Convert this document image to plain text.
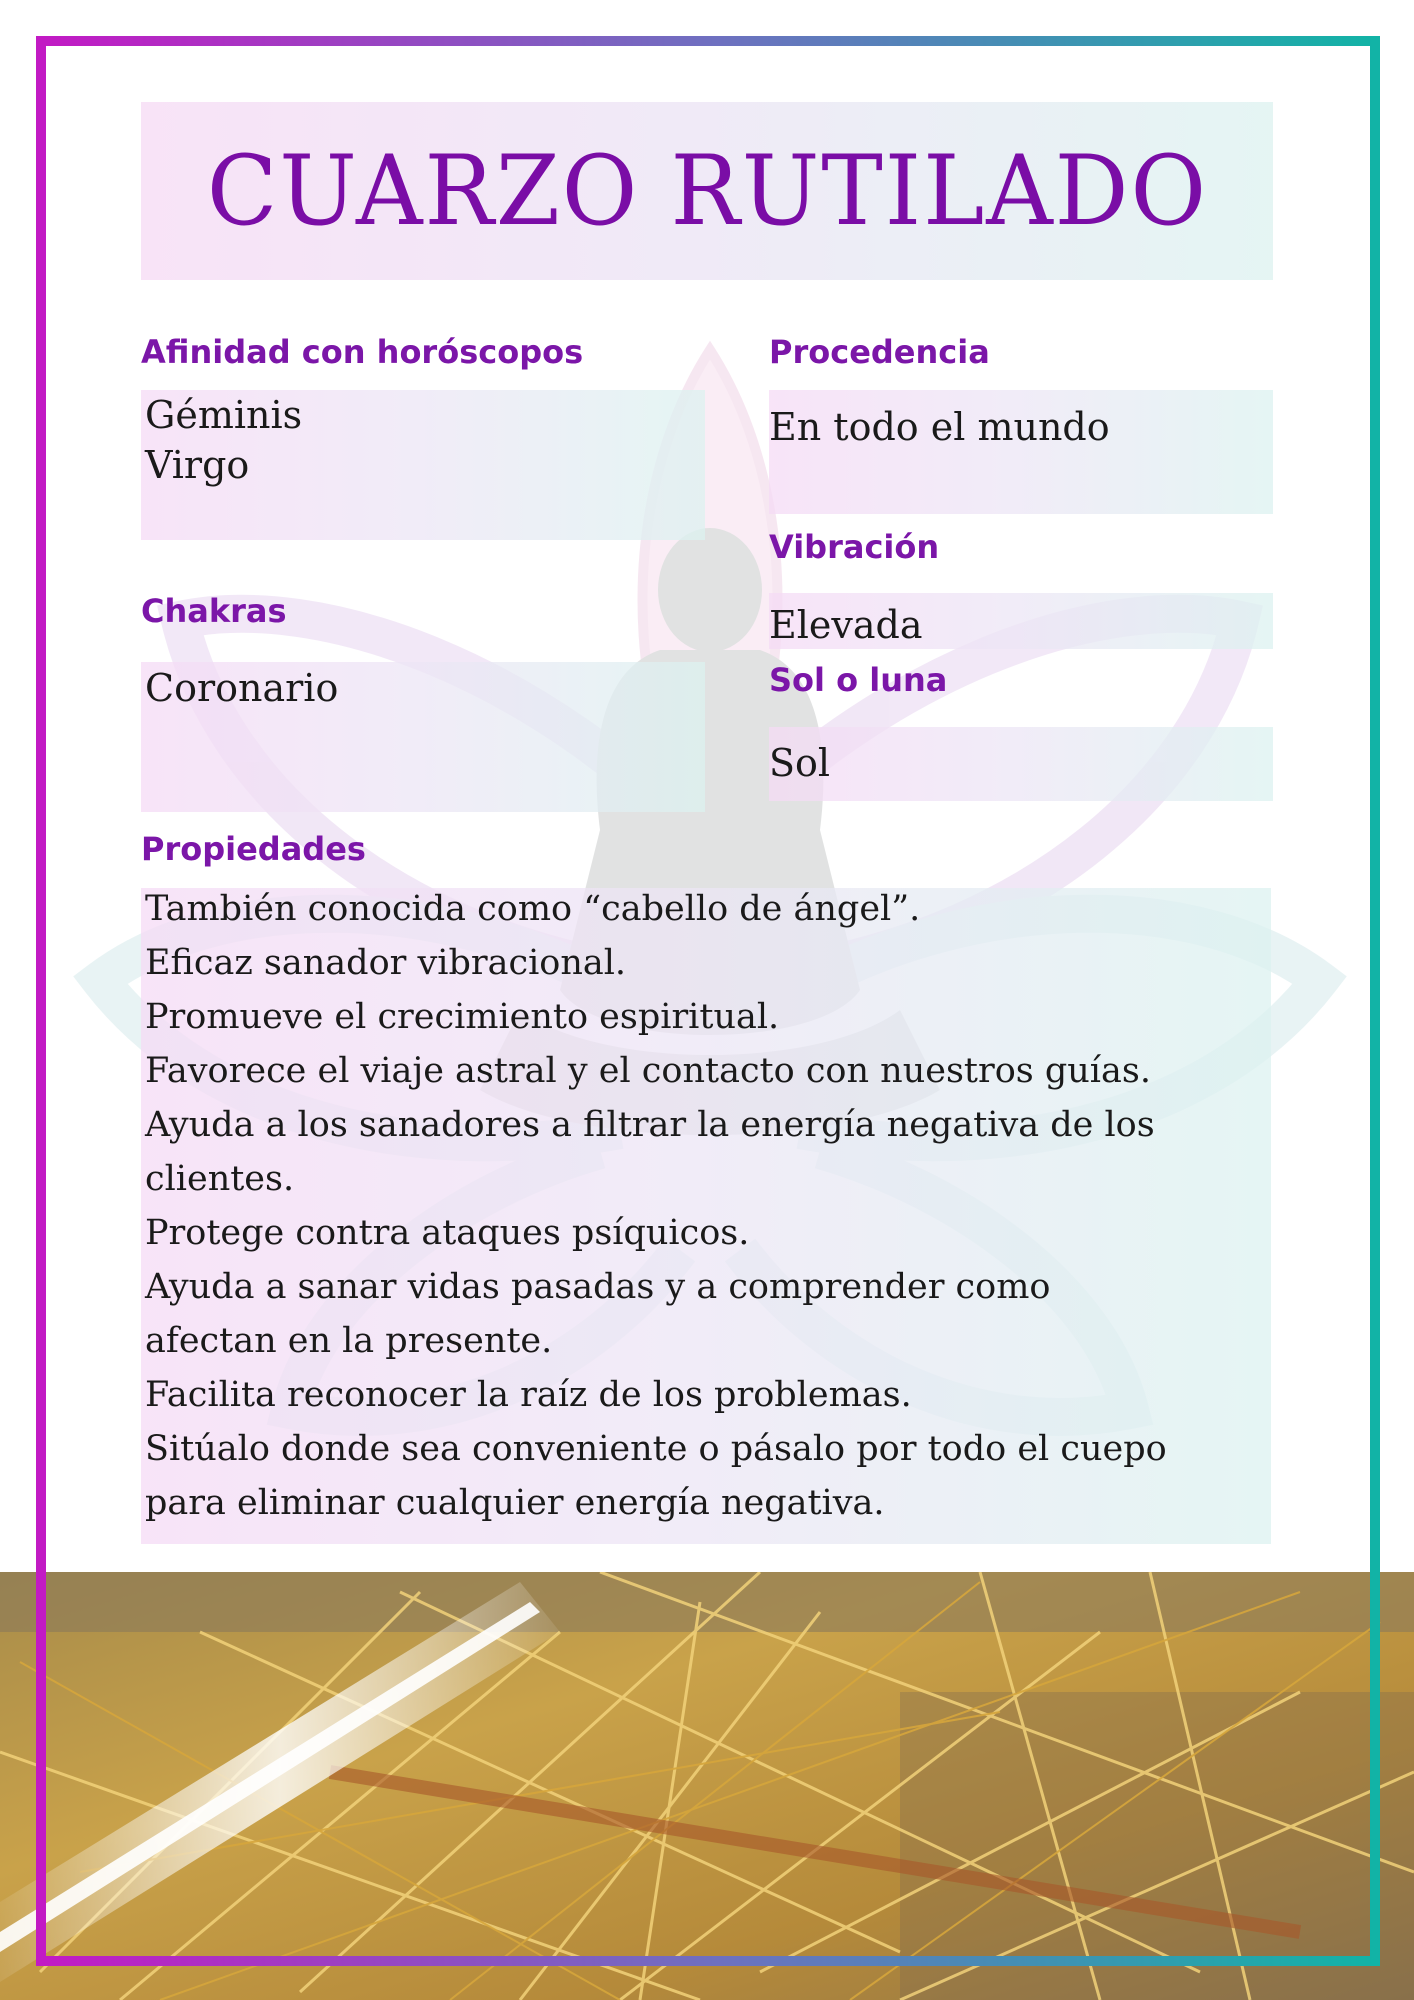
CUARZO RUTILADO
Afinidad con horóscopos
Géminis
Virgo
Procedencia
En todo el mundo
Vibración
Elevada
Chakras
Coronario	Sol o luna
Sol
Propiedades
También conocida como “cabello de ángel”.
Eficaz sanador vibracional.
Promueve el crecimiento espiritual.
Favorece el viaje astral y el contacto con nuestros guías.
Ayuda a los sanadores a filtrar la energía negativa de los
clientes.
Protege contra ataques psíquicos.
Ayuda a sanar vidas pasadas y a comprender como
afectan en la presente.
Facilita reconocer la raíz de los problemas.
Sitúalo donde sea conveniente o pásalo por todo el cuepo
para eliminar cualquier energía negativa.
